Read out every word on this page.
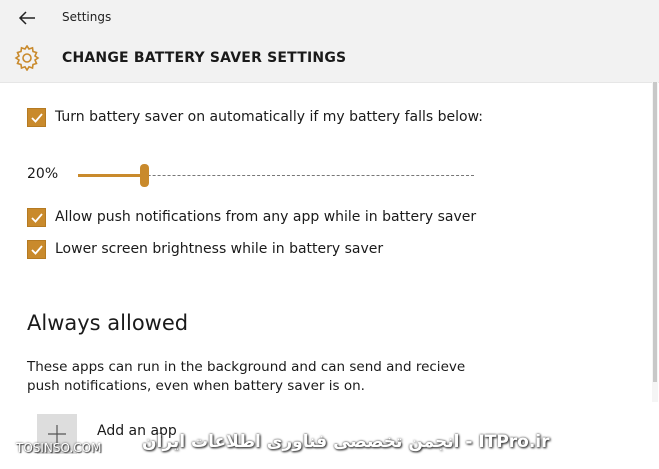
Settings
CHANGE BATTERY SAVER SETTINGS
Turn battery saver on automatically if my battery falls below:
20%
Allow push notifications from any app while in battery saver
Lower screen brightness while in battery saver
Always allowed
These apps can run in the background and can send and recieve push notifications, even when battery saver is on.
Add an app
TOSINSO.COM ITPro.ir - انجمن تخصصی فناوری اطلاعات ایران
